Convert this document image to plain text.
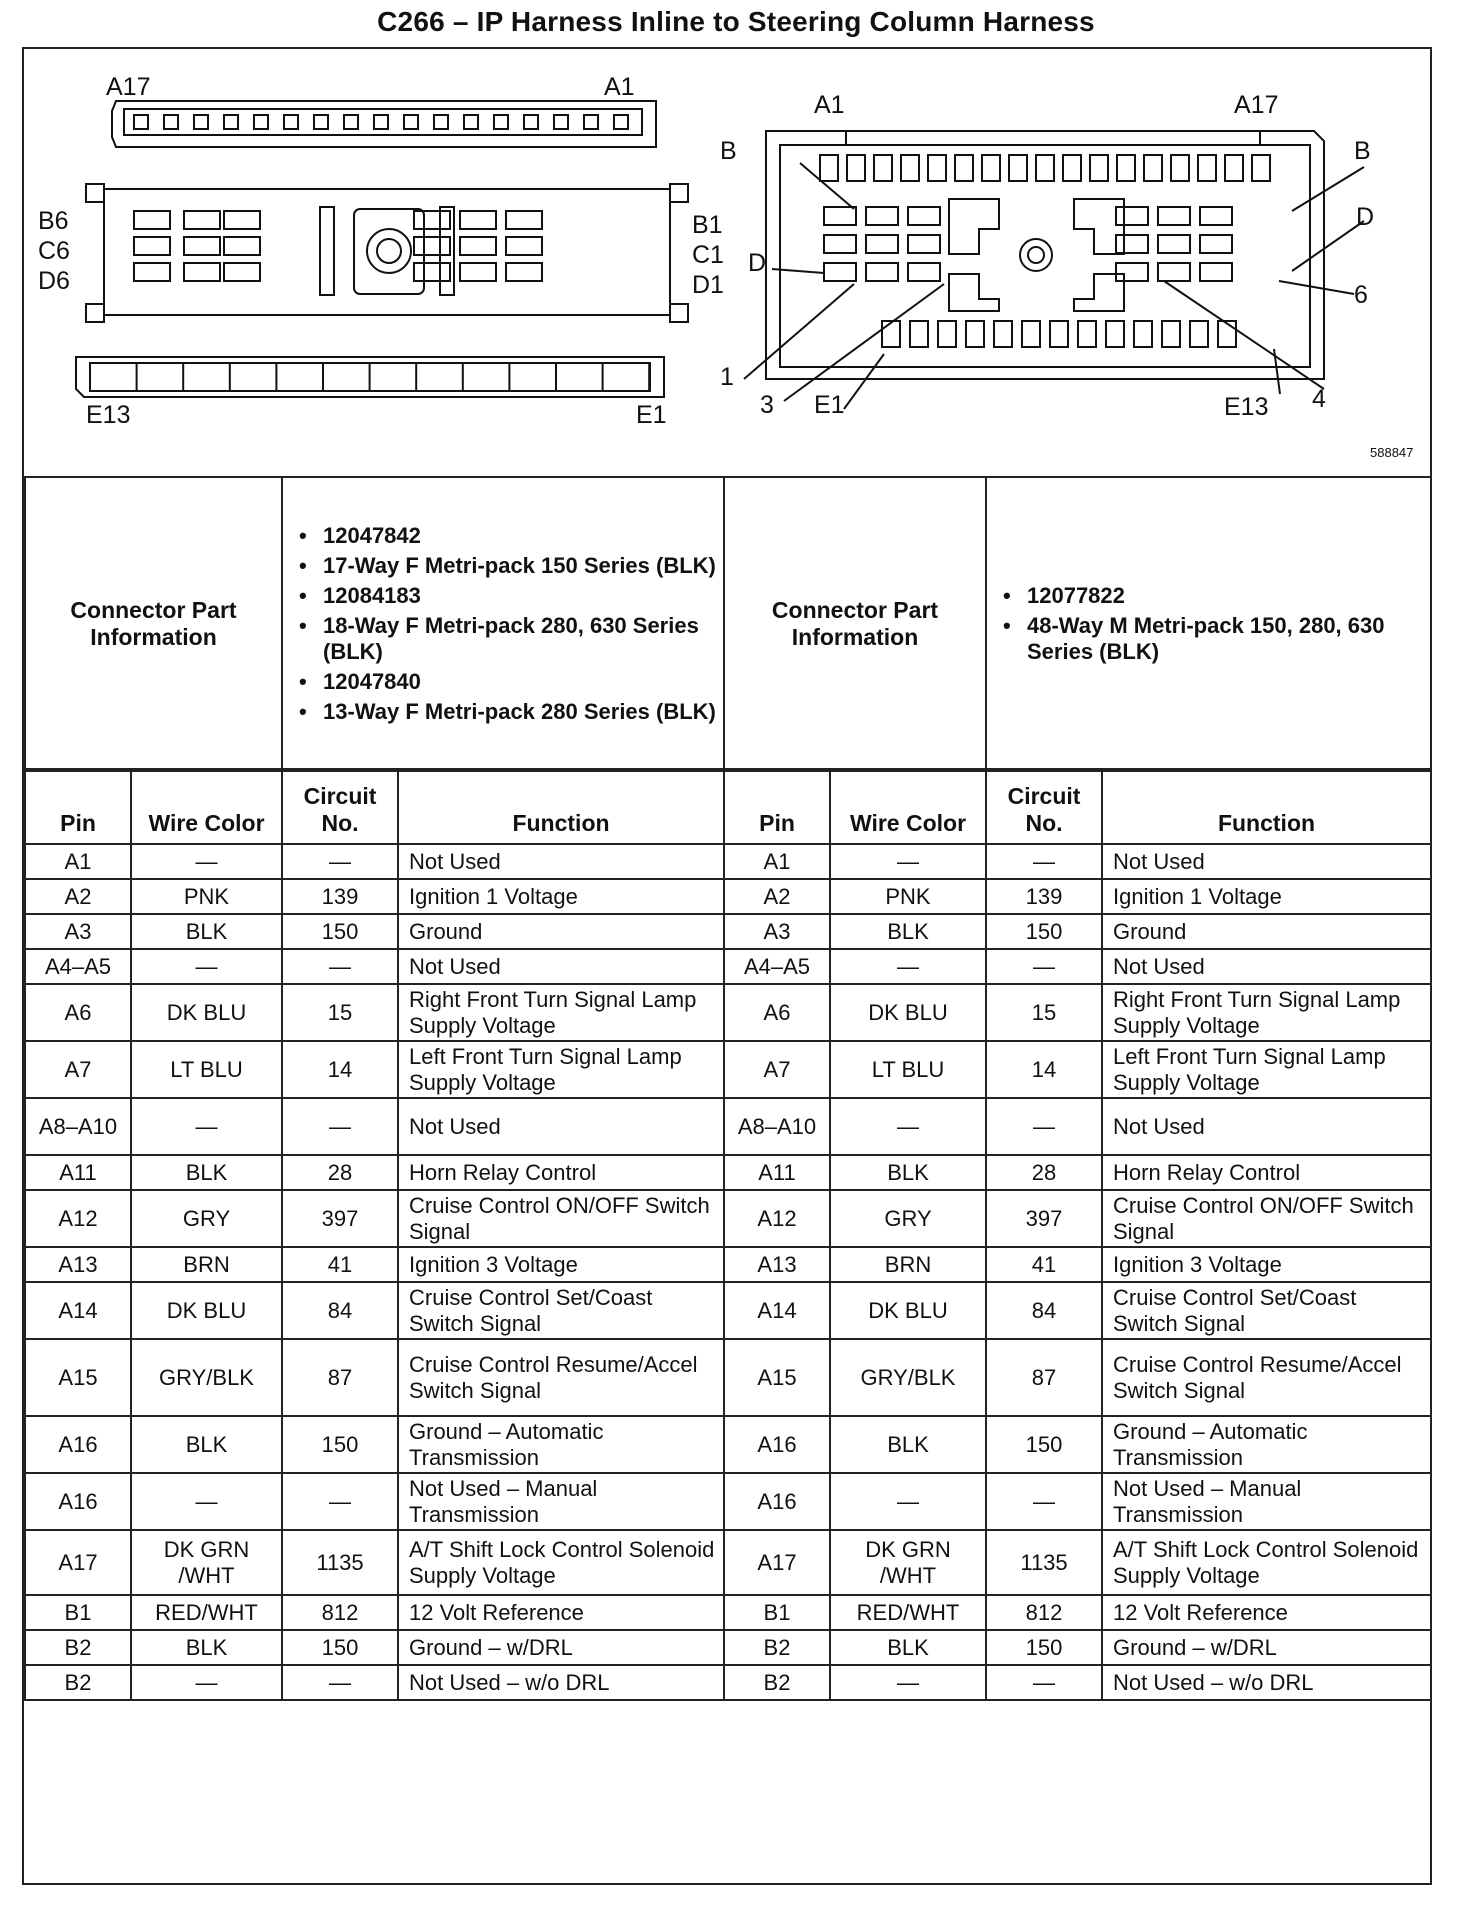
C266 – IP Harness Inline to Steering Column Harness
A17	A1
B6
C6
D6
B1
C1
D1
E13	E1
A1	A17
B	B
D
D
6
1
3 E1	E13 4
588847
Connector Part Information	
• 12047842
• 17-Way F Metri-pack 150 Series (BLK)
• 12084183
• 18-Way F Metri-pack 280, 630 Series (BLK)
• 12047840
• 13-Way F Metri-pack 280 Series (BLK)
	Connector Part Information	
• 12077822
• 48-Way M Metri-pack 150, 280, 630 Series (BLK)
Pin	Wire Color	Circuit No.	Function	Pin	Wire Color	Circuit No.	Function
A1	—	—	Not Used	A1	—	—	Not Used
A2	PNK	139	Ignition 1 Voltage	A2	PNK	139	Ignition 1 Voltage
A3	BLK	150	Ground	A3	BLK	150	Ground
A4–A5	—	—	Not Used	A4–A5	—	—	Not Used
A6	DK BLU	15	Right Front Turn Signal Lamp Supply Voltage	A6	DK BLU	15	Right Front Turn Signal Lamp Supply Voltage
A7	LT BLU	14	Left Front Turn Signal Lamp Supply Voltage	A7	LT BLU	14	Left Front Turn Signal Lamp Supply Voltage
A8–A10	—	—	Not Used	A8–A10	—	—	Not Used
A11	BLK	28	Horn Relay Control	A11	BLK	28	Horn Relay Control
A12	GRY	397	Cruise Control ON/OFF Switch Signal	A12	GRY	397	Cruise Control ON/OFF Switch Signal
A13	BRN	41	Ignition 3 Voltage	A13	BRN	41	Ignition 3 Voltage
A14	DK BLU	84	Cruise Control Set/Coast Switch Signal	A14	DK BLU	84	Cruise Control Set/Coast Switch Signal
A15	GRY/BLK	87	Cruise Control Resume/Accel Switch Signal	A15	GRY/BLK	87	Cruise Control Resume/Accel Switch Signal
A16	BLK	150	Ground – Automatic Transmission	A16	BLK	150	Ground – Automatic Transmission
A16	—	—	Not Used – Manual Transmission	A16	—	—	Not Used – Manual Transmission
A17	DK GRN /WHT	1135	A/T Shift Lock Control Solenoid Supply Voltage	A17	DK GRN /WHT	1135	A/T Shift Lock Control Solenoid Supply Voltage
B1	RED/WHT	812	12 Volt Reference	B1	RED/WHT	812	12 Volt Reference
B2	BLK	150	Ground – w/DRL	B2	BLK	150	Ground – w/DRL
B2	—	—	Not Used – w/o DRL	B2	—	—	Not Used – w/o DRL
